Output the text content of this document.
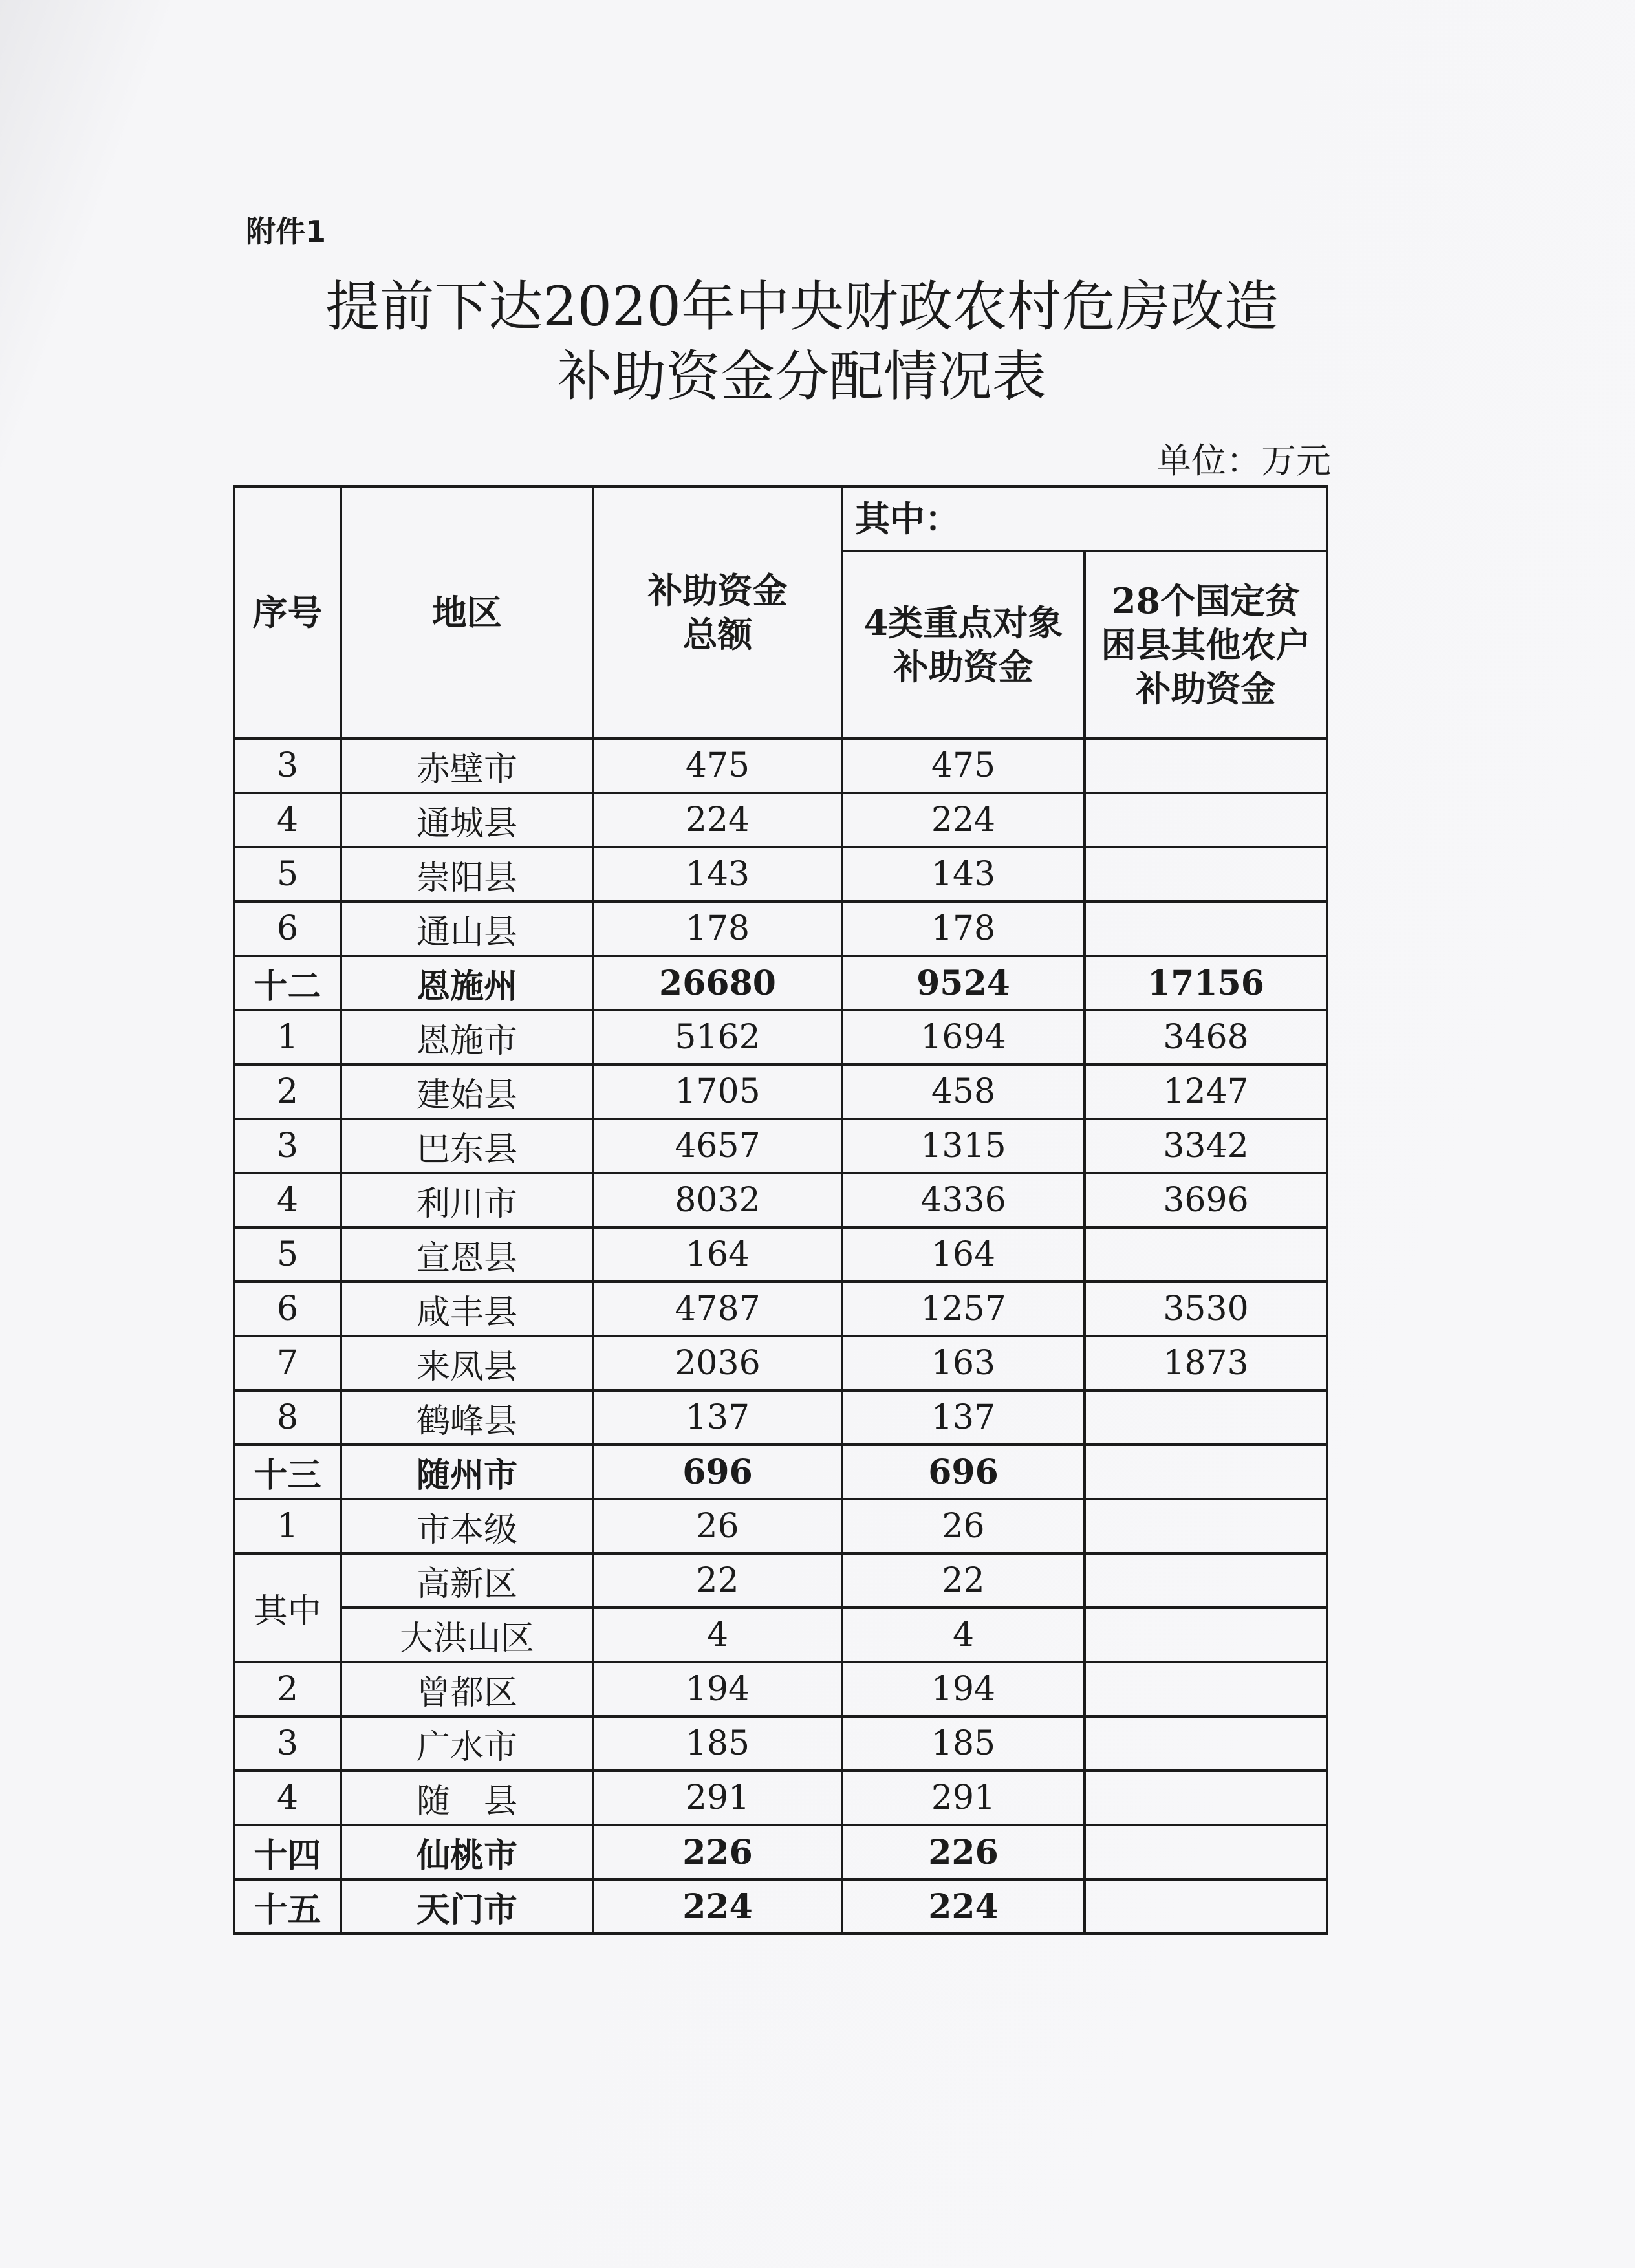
附件1
提前下达2020年中央财政农村危房改造
补助资金分配情况表
单位：万元
序号	地区	补助资金总额	其中：	
			4类重点对象补助资金	28个国定贫困县其他农户补助资金
3	赤壁市	475	475	
4	通城县	224	224	
5	崇阳县	143	143	
6	通山县	178	178	
十二	恩施州	26680	9524	17156
1	恩施市	5162	1694	3468
2	建始县	1705	458	1247
3	巴东县	4657	1315	3342
4	利川市	8032	4336	3696
5	宣恩县	164	164	
6	咸丰县	4787	1257	3530
7	来凤县	2036	163	1873
8	鹤峰县	137	137	
十三	随州市	696	696	
1	市本级	26	26	
其中	高新区	22	22	
	大洪山区	4	4	
2	曾都区	194	194	
3	广水市	185	185	
4	随　县	291	291	
十四	仙桃市	226	226	
十五	天门市	224	224	
